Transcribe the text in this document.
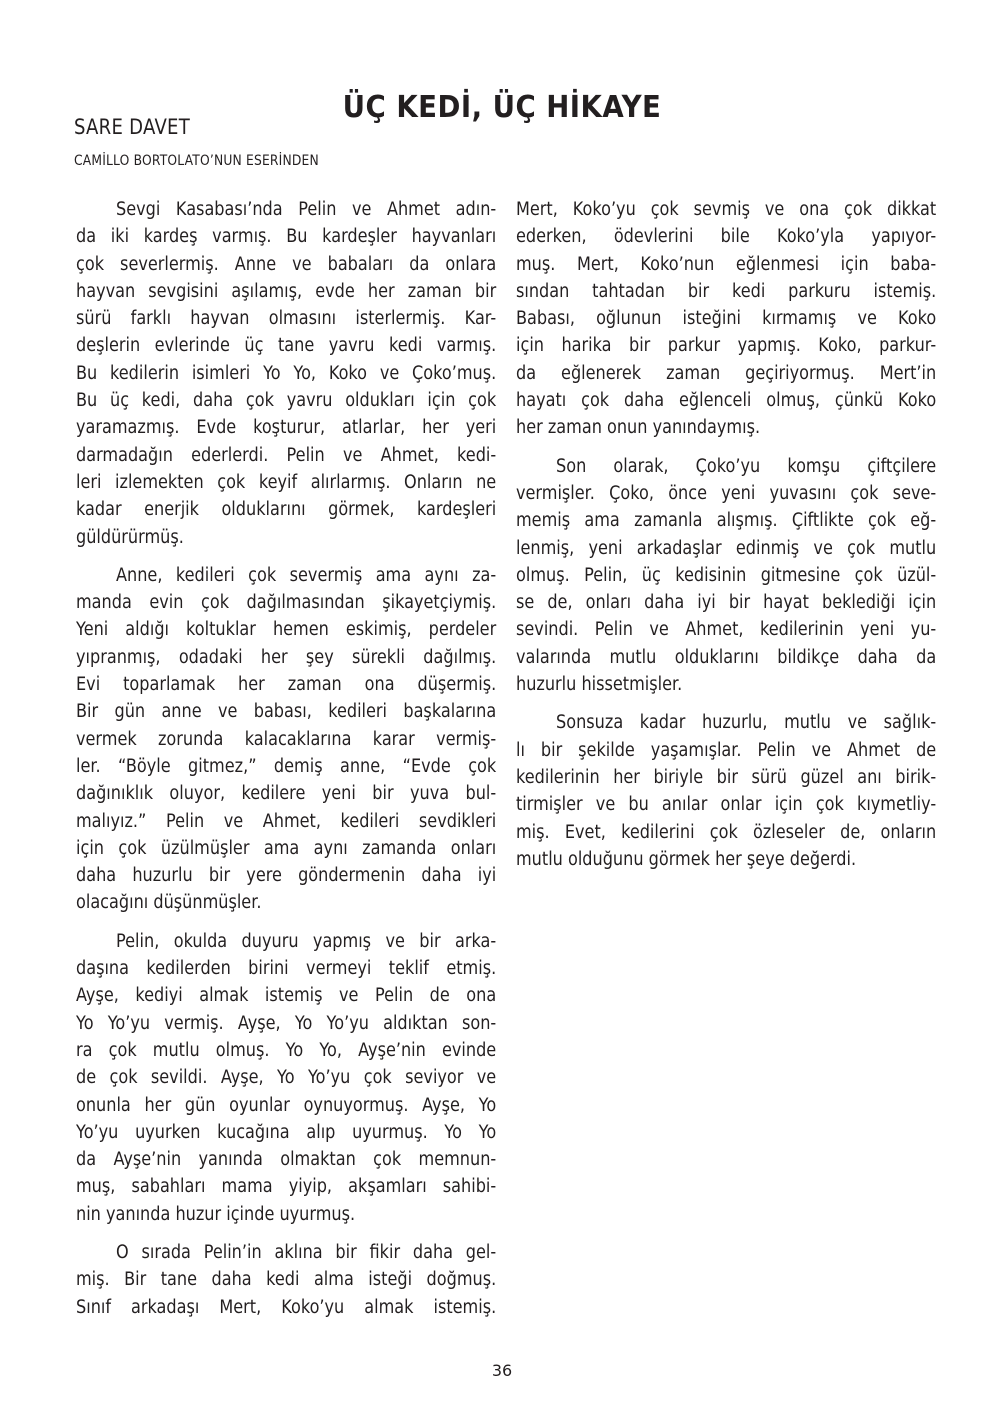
ÜÇ KEDİ, ÜÇ HİKAYE
SARE DAVET
CAMİLLO BORTOLATO’NUN ESERİNDEN
Sevgi Kasabası’nda Pelin ve Ahmet adın-
da iki kardeş varmış. Bu kardeşler hayvanları
çok severlermiş. Anne ve babaları da onlara
hayvan sevgisini aşılamış, evde her zaman bir
sürü farklı hayvan olmasını isterlermiş. Kar-
deşlerin evlerinde üç tane yavru kedi varmış.
Bu kedilerin isimleri Yo Yo, Koko ve Çoko’muş.
Bu üç kedi, daha çok yavru oldukları için çok
yaramazmış. Evde koşturur, atlarlar, her yeri
darmadağın ederlerdi. Pelin ve Ahmet, kedi-
leri izlemekten çok keyif alırlarmış. Onların ne
kadar enerjik olduklarını görmek, kardeşleri
güldürürmüş.
Anne, kedileri çok severmiş ama aynı za-
manda evin çok dağılmasından şikayetçiymiş.
Yeni aldığı koltuklar hemen eskimiş, perdeler
yıpranmış, odadaki her şey sürekli dağılmış.
Evi toparlamak her zaman ona düşermiş.
Bir gün anne ve babası, kedileri başkalarına
vermek zorunda kalacaklarına karar vermiş-
ler. “Böyle gitmez,” demiş anne, “Evde çok
dağınıklık oluyor, kedilere yeni bir yuva bul-
malıyız.” Pelin ve Ahmet, kedileri sevdikleri
için çok üzülmüşler ama aynı zamanda onları
daha huzurlu bir yere göndermenin daha iyi
olacağını düşünmüşler.
Pelin, okulda duyuru yapmış ve bir arka-
daşına kedilerden birini vermeyi teklif etmiş.
Ayşe, kediyi almak istemiş ve Pelin de ona
Yo Yo’yu vermiş. Ayşe, Yo Yo’yu aldıktan son-
ra çok mutlu olmuş. Yo Yo, Ayşe’nin evinde
de çok sevildi. Ayşe, Yo Yo’yu çok seviyor ve
onunla her gün oyunlar oynuyormuş. Ayşe, Yo
Yo’yu uyurken kucağına alıp uyurmuş. Yo Yo
da Ayşe’nin yanında olmaktan çok memnun-
muş, sabahları mama yiyip, akşamları sahibi-
nin yanında huzur içinde uyurmuş.
O sırada Pelin’in aklına bir fikir daha gel-
miş. Bir tane daha kedi alma isteği doğmuş.
Sınıf arkadaşı Mert, Koko’yu almak istemiş.
Mert, Koko’yu çok sevmiş ve ona çok dikkat
ederken, ödevlerini bile Koko’yla yapıyor-
muş. Mert, Koko’nun eğlenmesi için baba-
sından tahtadan bir kedi parkuru istemiş.
Babası, oğlunun isteğini kırmamış ve Koko
için harika bir parkur yapmış. Koko, parkur-
da eğlenerek zaman geçiriyormuş. Mert’in
hayatı çok daha eğlenceli olmuş, çünkü Koko
her zaman onun yanındaymış.
Son olarak, Çoko’yu komşu çiftçilere
vermişler. Çoko, önce yeni yuvasını çok seve-
memiş ama zamanla alışmış. Çiftlikte çok eğ-
lenmiş, yeni arkadaşlar edinmiş ve çok mutlu
olmuş. Pelin, üç kedisinin gitmesine çok üzül-
se de, onları daha iyi bir hayat beklediği için
sevindi. Pelin ve Ahmet, kedilerinin yeni yu-
valarında mutlu olduklarını bildikçe daha da
huzurlu hissetmişler.
Sonsuza kadar huzurlu, mutlu ve sağlık-
lı bir şekilde yaşamışlar. Pelin ve Ahmet de
kedilerinin her biriyle bir sürü güzel anı birik-
tirmişler ve bu anılar onlar için çok kıymetliy-
miş. Evet, kedilerini çok özleseler de, onların
mutlu olduğunu görmek her şeye değerdi.
36
